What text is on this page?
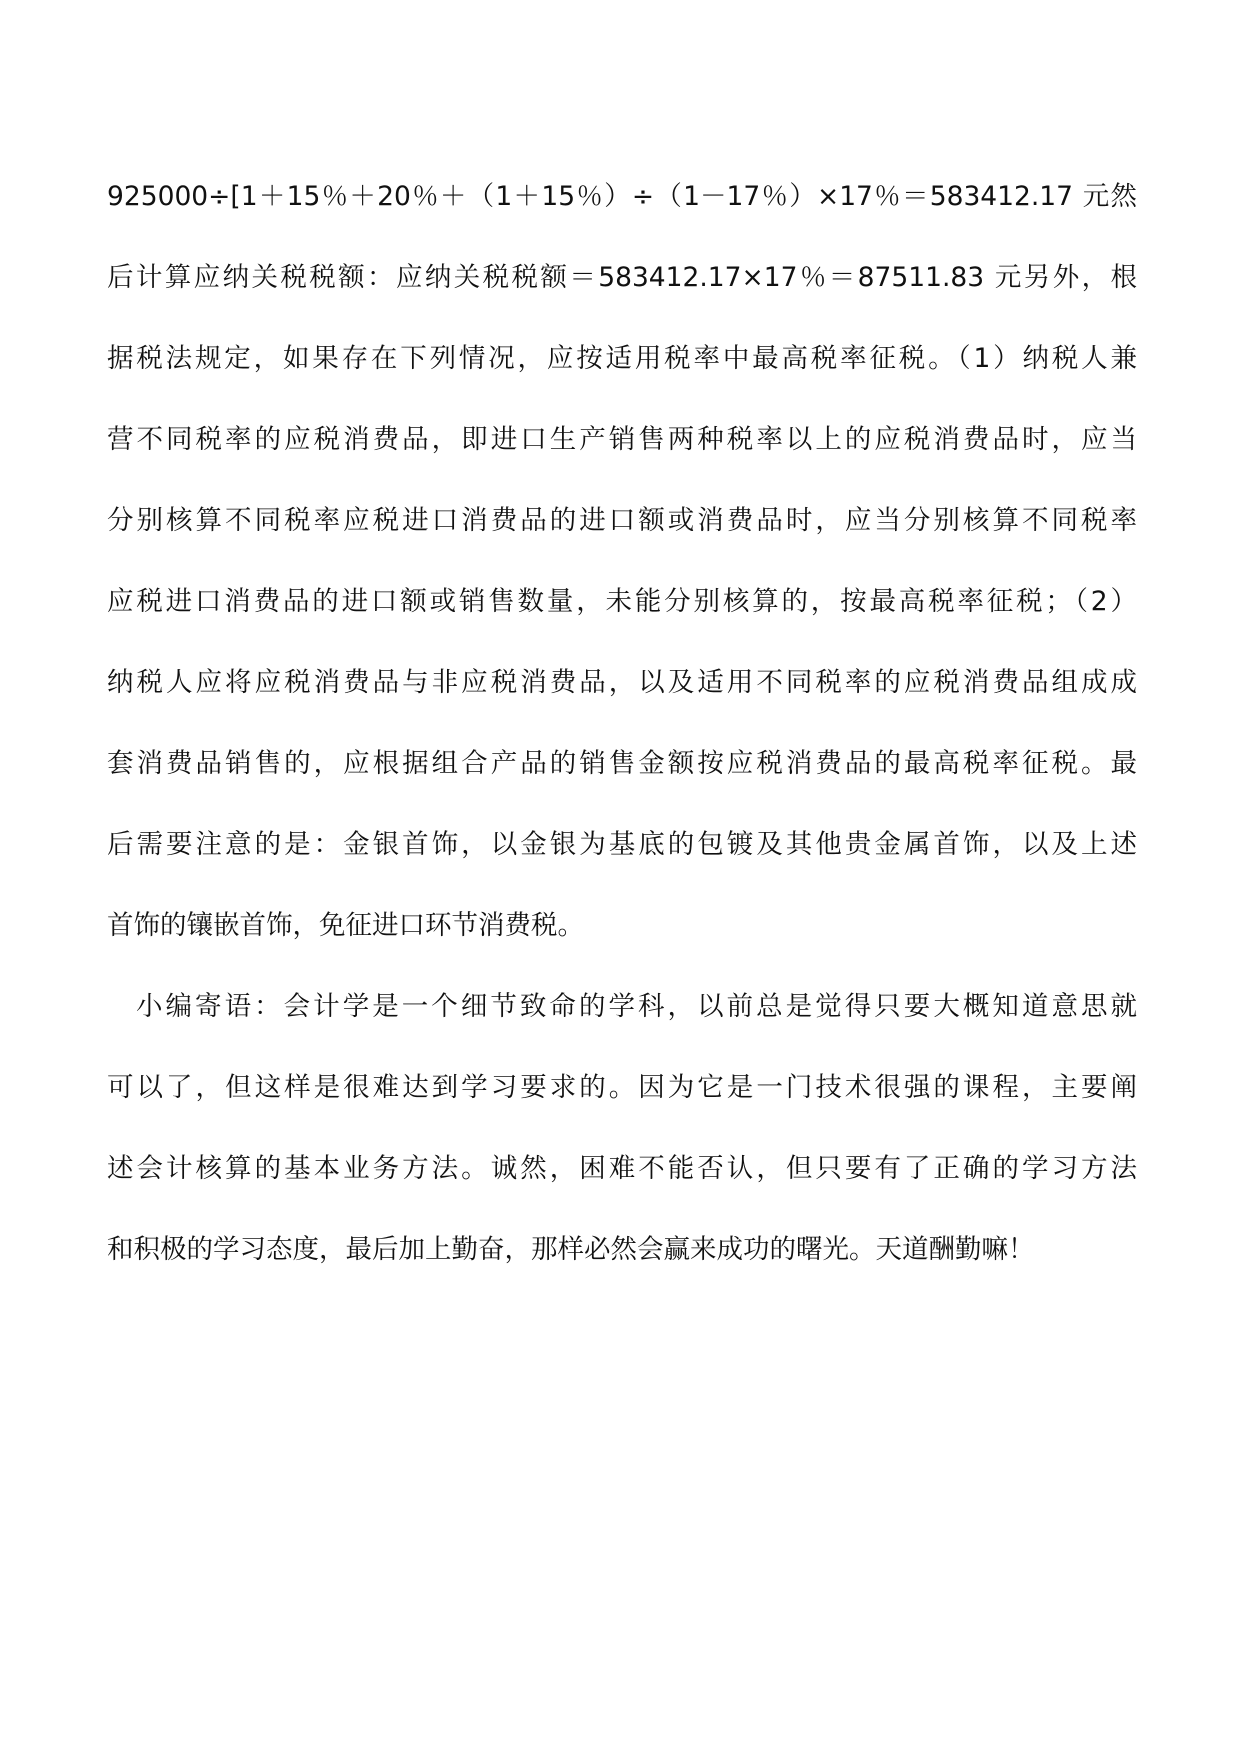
925000÷[1＋15％＋20％＋（1＋15％）÷（1－17％）×17％＝583412.17 元然
后计算应纳关税税额：应纳关税税额＝583412.17×17％＝87511.83 元另外，根
据税法规定，如果存在下列情况，应按适用税率中最高税率征税。（1）纳税人兼
营不同税率的应税消费品，即进口生产销售两种税率以上的应税消费品时，应当
分别核算不同税率应税进口消费品的进口额或消费品时，应当分别核算不同税率
应税进口消费品的进口额或销售数量，未能分别核算的，按最高税率征税；（2）
纳税人应将应税消费品与非应税消费品，以及适用不同税率的应税消费品组成成
套消费品销售的，应根据组合产品的销售金额按应税消费品的最高税率征税。最
后需要注意的是：金银首饰，以金银为基底的包镀及其他贵金属首饰，以及上述
首饰的镶嵌首饰，免征进口环节消费税。
小编寄语：会计学是一个细节致命的学科，以前总是觉得只要大概知道意思就
可以了，但这样是很难达到学习要求的。因为它是一门技术很强的课程，主要阐
述会计核算的基本业务方法。诚然，困难不能否认，但只要有了正确的学习方法
和积极的学习态度，最后加上勤奋，那样必然会赢来成功的曙光。天道酬勤嘛！
